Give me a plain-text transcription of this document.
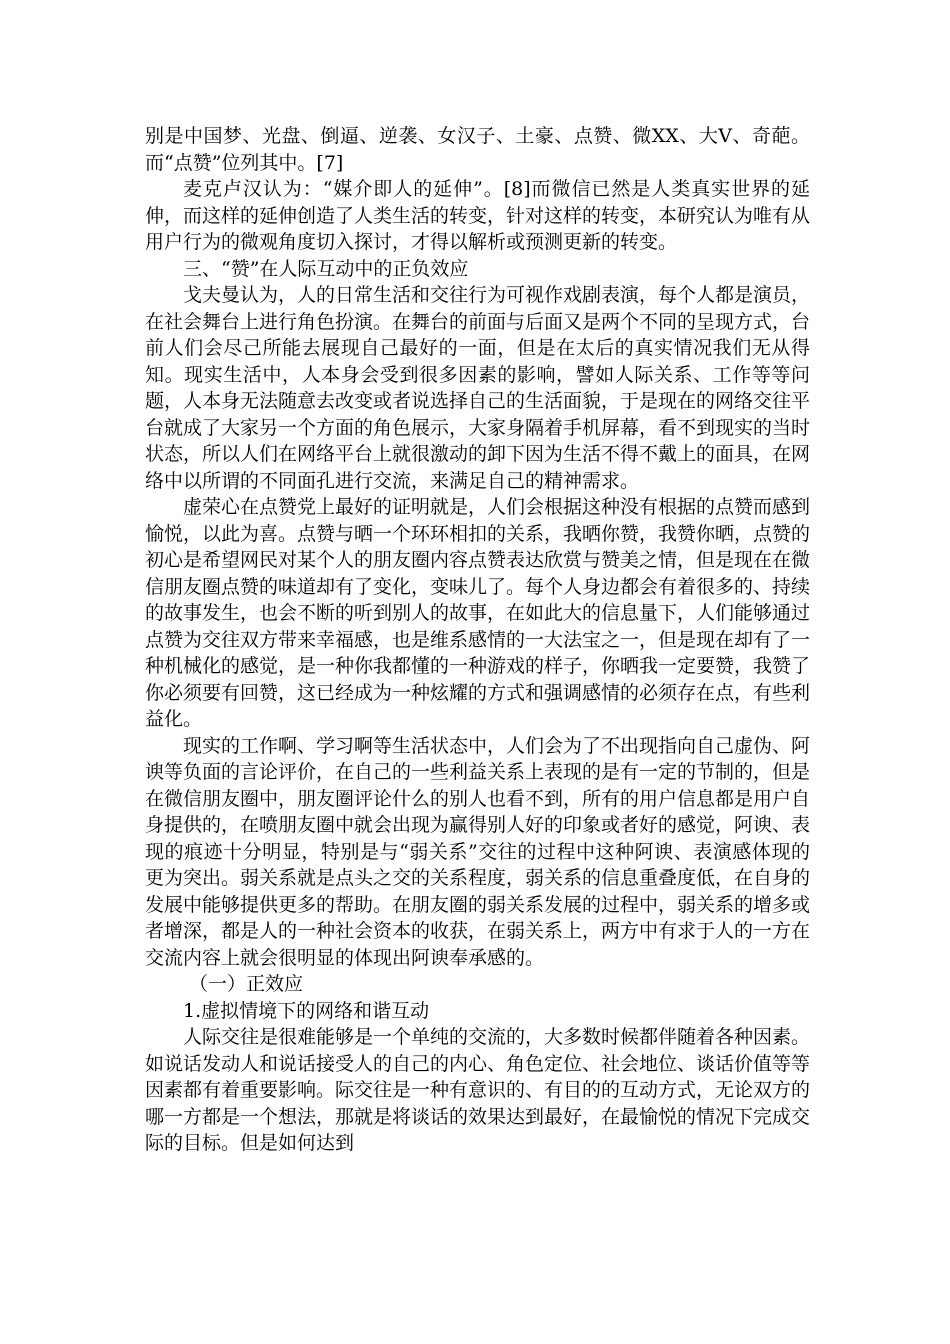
别是中国梦、光盘、倒逼、逆袭、女汉子、土豪、点赞、微XX、大V、奇葩。而“点赞”位列其中。[7]

麦克卢汉认为：“媒介即人的延伸”。[8]而微信已然是人类真实世界的延伸，而这样的延伸创造了人类生活的转变，针对这样的转变，本研究认为唯有从用户行为的微观角度切入探讨，才得以解析或预测更新的转变。

三、“赞”在人际互动中的正负效应

戈夫曼认为，人的日常生活和交往行为可视作戏剧表演，每个人都是演员，在社会舞台上进行角色扮演。在舞台的前面与后面又是两个不同的呈现方式，台前人们会尽己所能去展现自己最好的一面，但是在太后的真实情况我们无从得知。现实生活中，人本身会受到很多因素的影响，譬如人际关系、工作等等问题，人本身无法随意去改变或者说选择自己的生活面貌，于是现在的网络交往平台就成了大家另一个方面的角色展示，大家身隔着手机屏幕，看不到现实的当时状态，所以人们在网络平台上就很激动的卸下因为生活不得不戴上的面具，在网络中以所谓的不同面孔进行交流，来满足自己的精神需求。

虚荣心在点赞党上最好的证明就是，人们会根据这种没有根据的点赞而感到愉悦，以此为喜。点赞与晒一个环环相扣的关系，我晒你赞，我赞你晒，点赞的初心是希望网民对某个人的朋友圈内容点赞表达欣赏与赞美之情，但是现在在微信朋友圈点赞的味道却有了变化，变味儿了。每个人身边都会有着很多的、持续的故事发生，也会不断的听到别人的故事，在如此大的信息量下，人们能够通过点赞为交往双方带来幸福感，也是维系感情的一大法宝之一，但是现在却有了一种机械化的感觉，是一种你我都懂的一种游戏的样子，你晒我一定要赞，我赞了你必须要有回赞，这已经成为一种炫耀的方式和强调感情的必须存在点，有些利益化。

现实的工作啊、学习啊等生活状态中，人们会为了不出现指向自己虚伪、阿谀等负面的言论评价，在自己的一些利益关系上表现的是有一定的节制的，但是在微信朋友圈中，朋友圈评论什么的别人也看不到，所有的用户信息都是用户自身提供的，在喷朋友圈中就会出现为赢得别人好的印象或者好的感觉，阿谀、表现的痕迹十分明显，特别是与“弱关系”交往的过程中这种阿谀、表演感体现的更为突出。弱关系就是点头之交的关系程度，弱关系的信息重叠度低，在自身的发展中能够提供更多的帮助。在朋友圈的弱关系发展的过程中，弱关系的增多或者增深，都是人的一种社会资本的收获，在弱关系上，两方中有求于人的一方在交流内容上就会很明显的体现出阿谀奉承感的。

（一）正效应

1.虚拟情境下的网络和谐互动

人际交往是很难能够是一个单纯的交流的，大多数时候都伴随着各种因素。如说话发动人和说话接受人的自己的内心、角色定位、社会地位、谈话价值等等因素都有着重要影响。际交往是一种有意识的、有目的的互动方式，无论双方的哪一方都是一个想法，那就是将谈话的效果达到最好，在最愉悦的情况下完成交际的目标。但是如何达到
